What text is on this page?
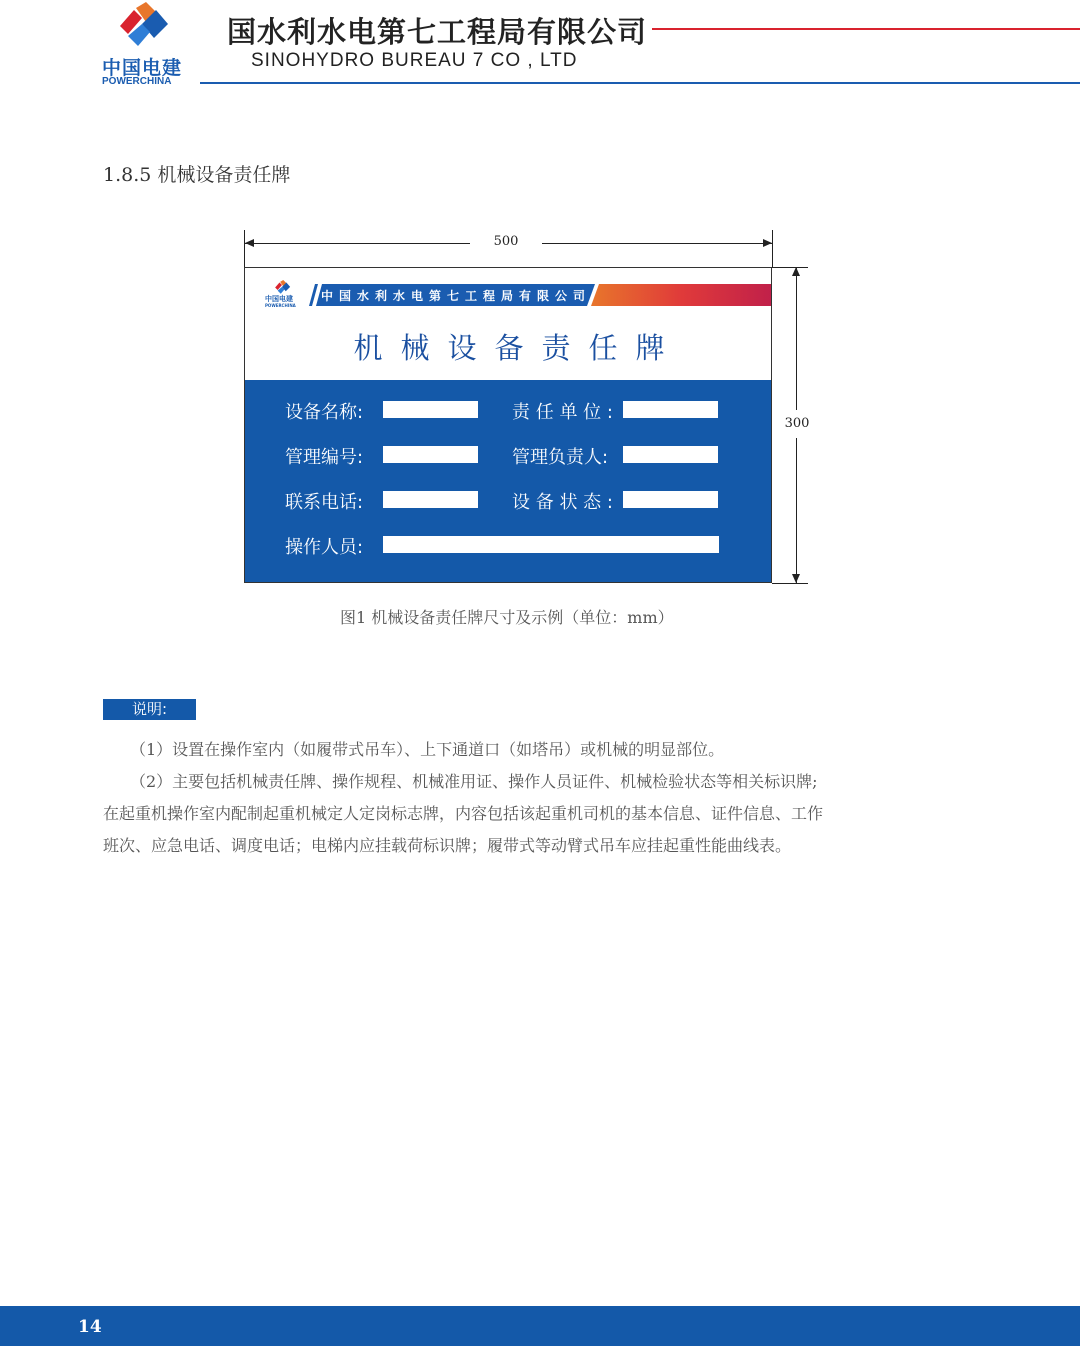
中国电建
POWERCHINA
国水利水电第七工程局有限公司
SINOHYDRO BUREAU 7 CO , LTD
1.8.5 机械设备责任牌
500
300
中国电建
POWERCHINA
中国水利水电第七工程局有限公司
机械设备责任牌
设备名称:	责 任 单 位 :
管理编号:	管理负责人:
联系电话:	设 备 状 态 :
操作人员:
图1 机械设备责任牌尺寸及示例（单位：mm）
说明:
（1）设置在操作室内（如履带式吊车）、上下通道口（如塔吊）或机械的明显部位。
（2）主要包括机械责任牌、操作规程、机械准用证、操作人员证件、机械检验状态等相关标识牌;
在起重机操作室内配制起重机械定人定岗标志牌，内容包括该起重机司机的基本信息、证件信息、工作
班次、应急电话、调度电话；电梯内应挂载荷标识牌；履带式等动臂式吊车应挂起重性能曲线表。
14
